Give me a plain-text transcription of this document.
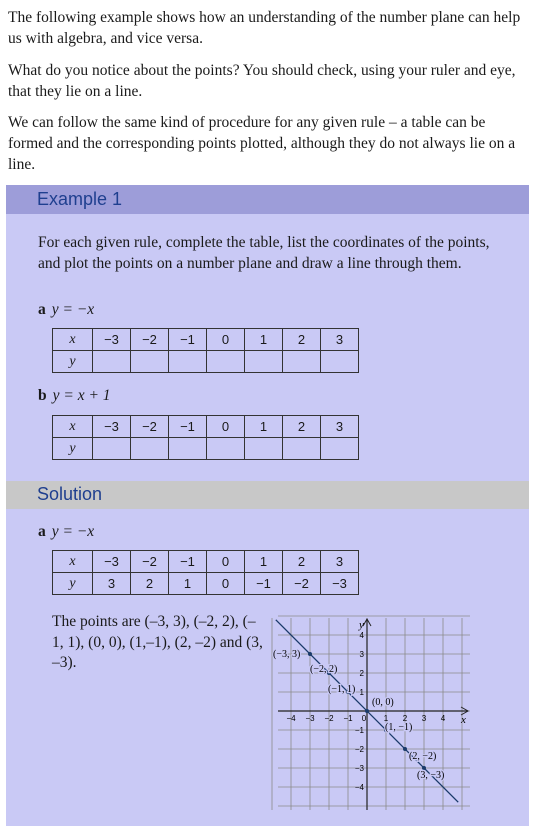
The following example shows how an understanding of the number plane can help us with algebra, and vice versa.

What do you notice about the points? You should check, using your ruler and eye, that they lie on a line.

We can follow the same kind of procedure for any given rule – a table can be formed and the corresponding points plotted, although they do not always lie on a line.

Example 1

For each given rule, complete the table, list the coordinates of the points, and plot the points on a number plane and draw a line through them.

a y = −x
x	−3	−2	−1	0	1	2	3
y							
b y = x + 1
x	−3	−2	−1	0	1	2	3
y							
Solution
a y = −x
x	−3	−2	−1	0	1	2	3
y	3	2	1	0	−1	−2	−3

The points are (–3, 3), (–2, 2), (–1, 1), (0, 0), (1,–1), (2, –2) and (3, –3).

x
y
−4 −3 −2 −1 0 1 2 3 4
4
3
2
1
−1
−2
−3
−4
(−3, 3)
(−2, 2)
(−1, 1)
(0, 0)
(1, −1)
(2, −2)
(3, −3)
